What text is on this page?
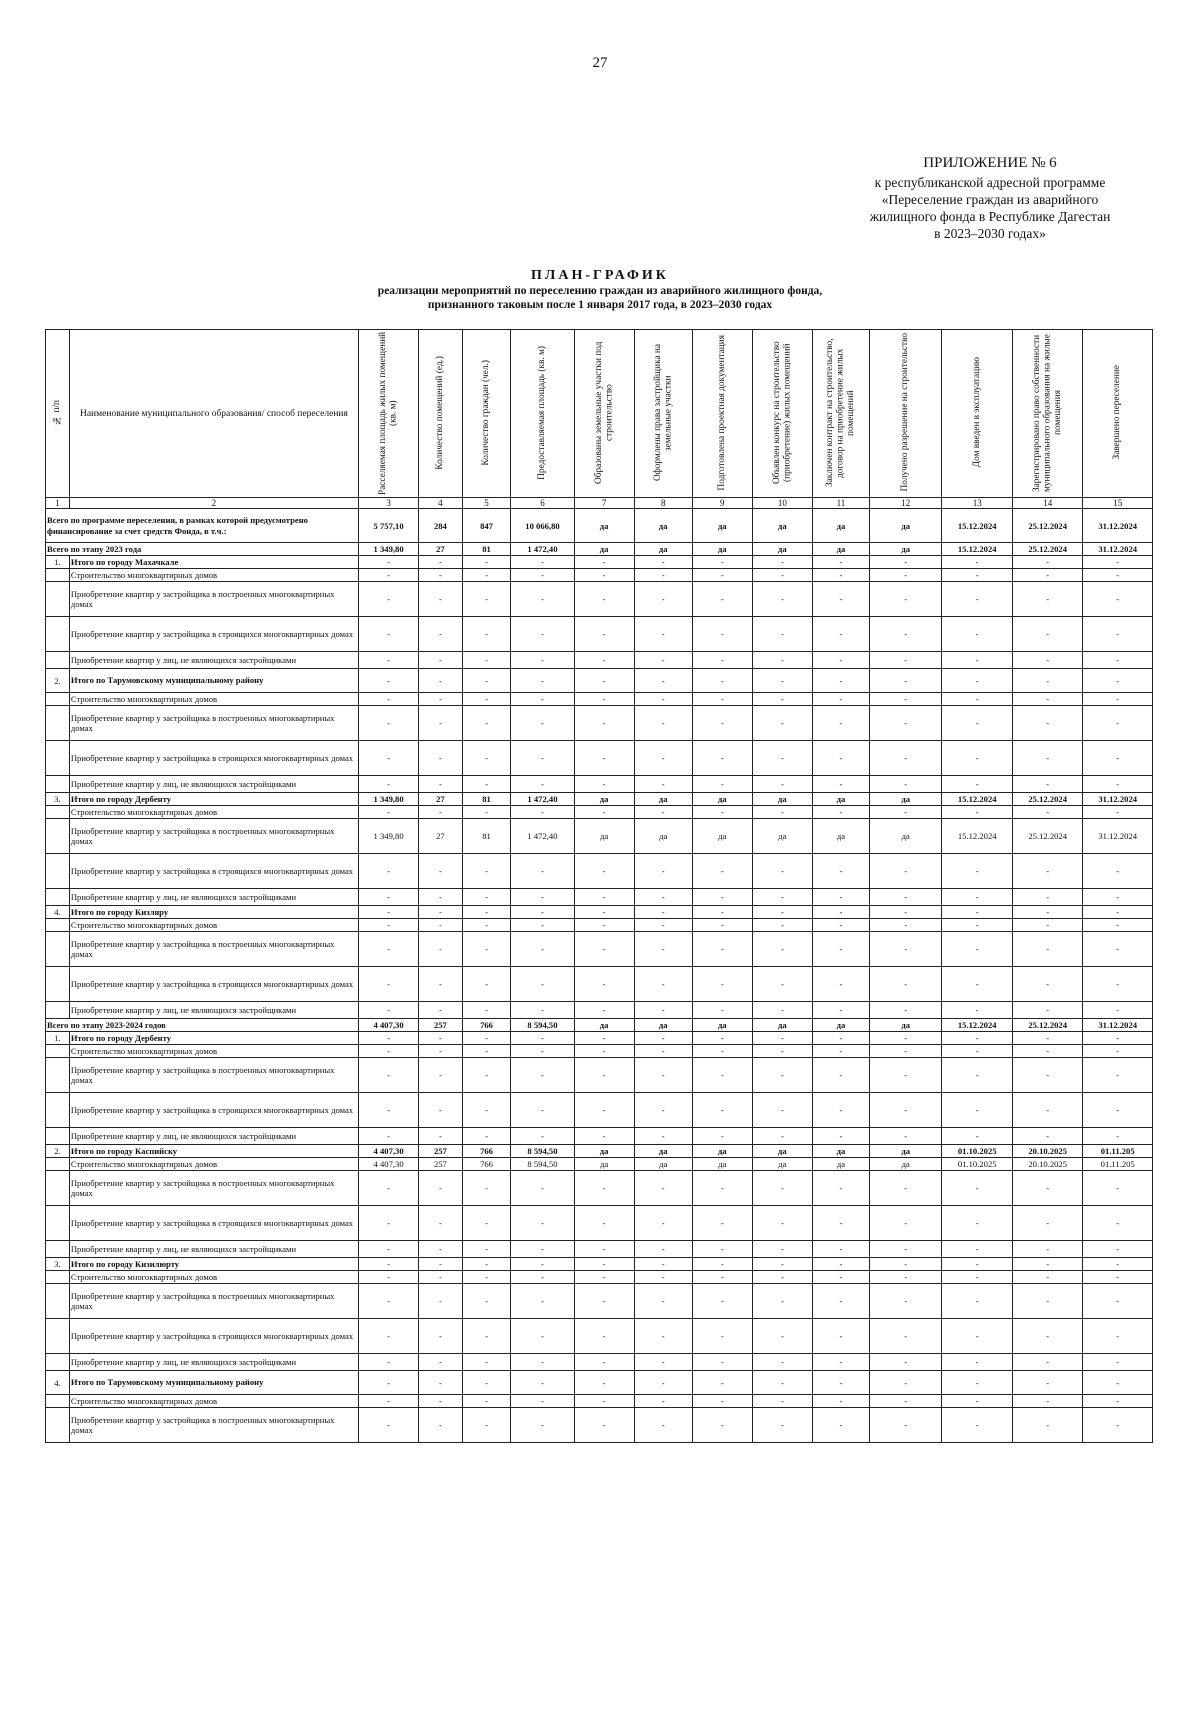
27
ПРИЛОЖЕНИЕ № 6
к республиканской адресной программе
«Переселение граждан из аварийного
жилищного фонда в Республике Дагестан
в 2023–2030 годах»
ПЛАН-ГРАФИК
реализации мероприятий по переселению граждан из аварийного жилищного фонда,
признанного таковым после 1 января 2017 года, в 2023–2030 годах
№ п/п	Наименование муниципального образования/ способ переселения	Расселяемая площадь жилых помещений (кв. м)	Количество помещений (ед.)	Количество граждан (чел.)	Предоставляемая площадь (кв. м)	Образованы земельные участки под строительство	Оформлены права застройщика на земельные участки	Подготовлена проектная документация	Объявлен конкурс на строительство (приобретение) жилых помещений	Заключен контракт на строительство, договор на приобретение жилых помещений	Получено разрешение на строительство	Дом введен в эксплуатацию	Зарегистрировано право собственности муниципального образования на жилые помещения	Завершено переселение
1	2	3	4	5	6	7	8	9	10	11	12	13	14	15
Всего по программе переселения, в рамках которой предусмотрено финансирование за счет средств Фонда, в т.ч.:		5 757,10	284	847	10 066,80	да	да	да	да	да	да	15.12.2024	25.12.2024	31.12.2024
Всего по этапу 2023 года		1 349,80	27	81	1 472,40	да	да	да	да	да	да	15.12.2024	25.12.2024	31.12.2024
1.	Итого по городу Махачкале	-	-	-	-	-	-	-	-	-	-	-	-	-
	Строительство многоквартирных домов	-	-	-	-	-	-	-	-	-	-	-	-	-
	Приобретение квартир у застройщика в построенных многоквартирных домах	-	-	-	-	-	-	-	-	-	-	-	-	-
	Приобретение квартир у застройщика в строящихся многоквартирных домах	-	-	-	-	-	-	-	-	-	-	-	-	-
	Приобретение квартир у лиц, не являющихся застройщиками	-	-	-	-	-	-	-	-	-	-	-	-	-
2.	Итого по Тарумовскому муниципальному району	-	-	-	-	-	-	-	-	-	-	-	-	-
	Строительство многоквартирных домов	-	-	-	-	-	-	-	-	-	-	-	-	-
	Приобретение квартир у застройщика в построенных многоквартирных домах	-	-	-	-	-	-	-	-	-	-	-	-	-
	Приобретение квартир у застройщика в строящихся многоквартирных домах	-	-	-	-	-	-	-	-	-	-	-	-	-
	Приобретение квартир у лиц, не являющихся застройщиками	-	-	-	-	-	-	-	-	-	-	-	-	-
3.	Итого по городу Дербенту	1 349,80	27	81	1 472,40	да	да	да	да	да	да	15.12.2024	25.12.2024	31.12.2024
	Строительство многоквартирных домов	-	-	-	-	-	-	-	-	-	-	-	-	-
	Приобретение квартир у застройщика в построенных многоквартирных домах	1 349,80	27	81	1 472,40	да	да	да	да	да	да	15.12.2024	25.12.2024	31.12.2024
	Приобретение квартир у застройщика в строящихся многоквартирных домах	-	-	-	-	-	-	-	-	-	-	-	-	-
	Приобретение квартир у лиц, не являющихся застройщиками	-	-	-	-	-	-	-	-	-	-	-	-	-
4.	Итого по городу Кизляру	-	-	-	-	-	-	-	-	-	-	-	-	-
	Строительство многоквартирных домов	-	-	-	-	-	-	-	-	-	-	-	-	-
	Приобретение квартир у застройщика в построенных многоквартирных домах	-	-	-	-	-	-	-	-	-	-	-	-	-
	Приобретение квартир у застройщика в строящихся многоквартирных домах	-	-	-	-	-	-	-	-	-	-	-	-	-
	Приобретение квартир у лиц, не являющихся застройщиками	-	-	-	-	-	-	-	-	-	-	-	-	-
Всего по этапу 2023-2024 годов		4 407,30	257	766	8 594,50	да	да	да	да	да	да	15.12.2024	25.12.2024	31.12.2024
1.	Итого по городу Дербенту	-	-	-	-	-	-	-	-	-	-	-	-	-
	Строительство многоквартирных домов	-	-	-	-	-	-	-	-	-	-	-	-	-
	Приобретение квартир у застройщика в построенных многоквартирных домах	-	-	-	-	-	-	-	-	-	-	-	-	-
	Приобретение квартир у застройщика в строящихся многоквартирных домах	-	-	-	-	-	-	-	-	-	-	-	-	-
	Приобретение квартир у лиц, не являющихся застройщиками	-	-	-	-	-	-	-	-	-	-	-	-	-
2.	Итого по городу Каспийску	4 407,30	257	766	8 594,50	да	да	да	да	да	да	01.10.2025	20.10.2025	01.11.205
	Строительство многоквартирных домов	4 407,30	257	766	8 594,50	да	да	да	да	да	да	01.10.2025	20.10.2025	01.11.205
	Приобретение квартир у застройщика в построенных многоквартирных домах	-	-	-	-	-	-	-	-	-	-	-	-	-
	Приобретение квартир у застройщика в строящихся многоквартирных домах	-	-	-	-	-	-	-	-	-	-	-	-	-
	Приобретение квартир у лиц, не являющихся застройщиками	-	-	-	-	-	-	-	-	-	-	-	-	-
3.	Итого по городу Кизилюрту	-	-	-	-	-	-	-	-	-	-	-	-	-
	Строительство многоквартирных домов	-	-	-	-	-	-	-	-	-	-	-	-	-
	Приобретение квартир у застройщика в построенных многоквартирных домах	-	-	-	-	-	-	-	-	-	-	-	-	-
	Приобретение квартир у застройщика в строящихся многоквартирных домах	-	-	-	-	-	-	-	-	-	-	-	-	-
	Приобретение квартир у лиц, не являющихся застройщиками	-	-	-	-	-	-	-	-	-	-	-	-	-
4.	Итого по Тарумовскому муниципальному району	-	-	-	-	-	-	-	-	-	-	-	-	-
	Строительство многоквартирных домов	-	-	-	-	-	-	-	-	-	-	-	-	-
	Приобретение квартир у застройщика в построенных многоквартирных домах	-	-	-	-	-	-	-	-	-	-	-	-	-
